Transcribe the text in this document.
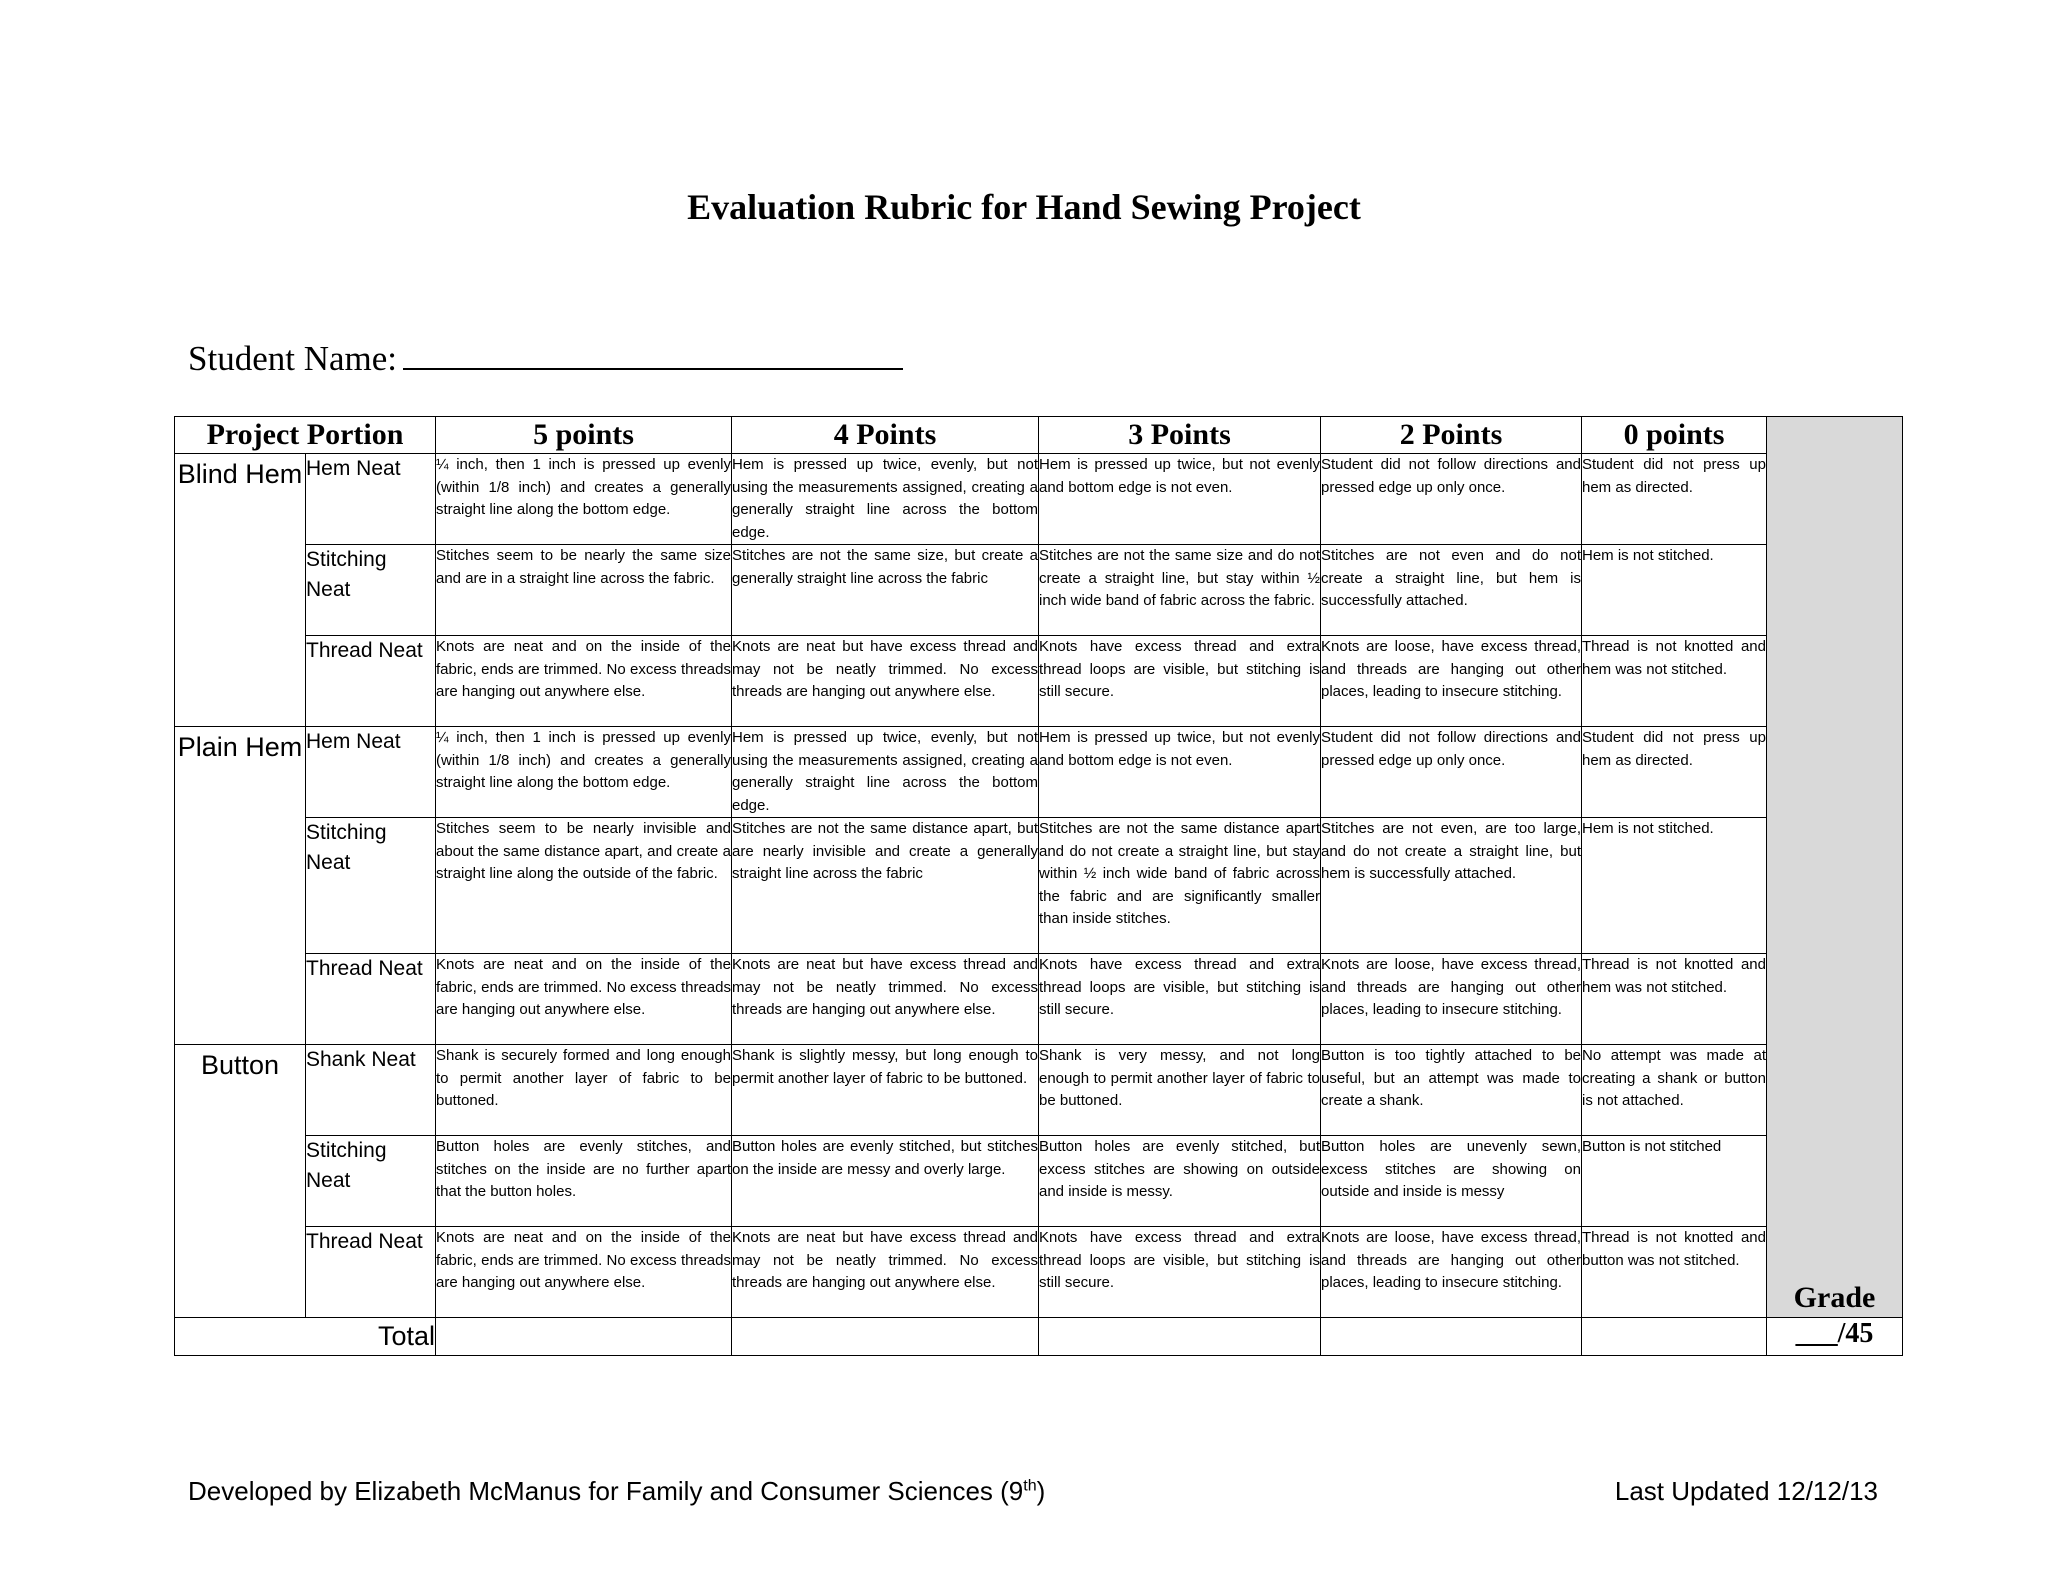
Evaluation Rubric for Hand Sewing Project
Student Name:
Project Portion		5 points	4 Points	3 Points	2 Points	0 points	Grade

Blind Hem	Hem Neat	¼ inch, then 1 inch is pressed up evenly (within 1/8 inch) and creates a generally straight line along the bottom edge.	Hem is pressed up twice, evenly, but not using the measurements assigned, creating a generally straight line across the bottom edge.	Hem is pressed up twice, but not evenly and bottom edge is not even.	Student did not follow directions and pressed edge up only once.	Student did not press up hem as directed.	
	Stitching Neat	Stitches seem to be nearly the same size and are in a straight line across the fabric.	Stitches are not the same size, but create a generally straight line across the fabric	Stitches are not the same size and do not create a straight line, but stay within ½ inch wide band of fabric across the fabric.	Stitches are not even and do not create a straight line, but hem is successfully attached.	Hem is not stitched.	
	Thread Neat	Knots are neat and on the inside of the fabric, ends are trimmed. No excess threads are hanging out anywhere else.	Knots are neat but have excess thread and may not be neatly trimmed. No excess threads are hanging out anywhere else.	Knots have excess thread and extra thread loops are visible, but stitching is still secure.	Knots are loose, have excess thread, and threads are hanging out other places, leading to insecure stitching.	Thread is not knotted and hem was not stitched.	
Plain Hem	Hem Neat	¼ inch, then 1 inch is pressed up evenly (within 1/8 inch) and creates a generally straight line along the bottom edge.	Hem is pressed up twice, evenly, but not using the measurements assigned, creating a generally straight line across the bottom edge.	Hem is pressed up twice, but not evenly and bottom edge is not even.	Student did not follow directions and pressed edge up only once.	Student did not press up hem as directed.	
	Stitching Neat	Stitches seem to be nearly invisible and about the same distance apart, and create a straight line along the outside of the fabric.	Stitches are not the same distance apart, but are nearly invisible and create a generally straight line across the fabric	Stitches are not the same distance apart and do not create a straight line, but stay within ½ inch wide band of fabric across the fabric and are significantly smaller than inside stitches.	Stitches are not even, are too large, and do not create a straight line, but hem is successfully attached.	Hem is not stitched.	
	Thread Neat	Knots are neat and on the inside of the fabric, ends are trimmed. No excess threads are hanging out anywhere else.	Knots are neat but have excess thread and may not be neatly trimmed. No excess threads are hanging out anywhere else.	Knots have excess thread and extra thread loops are visible, but stitching is still secure.	Knots are loose, have excess thread, and threads are hanging out other places, leading to insecure stitching.	Thread is not knotted and hem was not stitched.	
Button	Shank Neat	Shank is securely formed and long enough to permit another layer of fabric to be buttoned.	Shank is slightly messy, but long enough to permit another layer of fabric to be buttoned.	Shank is very messy, and not long enough to permit another layer of fabric to be buttoned.	Button is too tightly attached to be useful, but an attempt was made to create a shank.	No attempt was made at creating a shank or button is not attached.	
	Stitching Neat	Button holes are evenly stitches, and stitches on the inside are no further apart that the button holes.	Button holes are evenly stitched, but stitches on the inside are messy and overly large.	Button holes are evenly stitched, but excess stitches are showing on outside and inside is messy.	Button holes are unevenly sewn, excess stitches are showing on outside and inside is messy	Button is not stitched	
	Thread Neat	Knots are neat and on the inside of the fabric, ends are trimmed. No excess threads are hanging out anywhere else.	Knots are neat but have excess thread and may not be neatly trimmed. No excess threads are hanging out anywhere else.	Knots have excess thread and extra thread loops are visible, but stitching is still secure.	Knots are loose, have excess thread, and threads are hanging out other places, leading to insecure stitching.	Thread is not knotted and button was not stitched.	
Total							___/45
Developed by Elizabeth McManus for Family and Consumer Sciences (9th)	Last Updated 12/12/13
